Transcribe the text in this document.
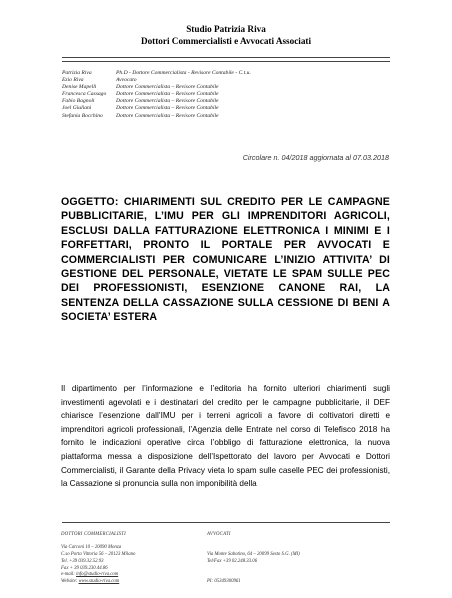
Studio Patrizia Riva
Dottori Commercialisti e Avvocati Associati
Patrizia Riva	Ph.D - Dottore Commercialista - Revisore Contabile - C.t.u.
Ezio Riva	Avvocato
Denise Mapelli	Dottore Commercialista – Revisore Contabile
Francesca Cassago	Dottore Commercialista – Revisore Contabile
Fabio Bagnoli	Dottore Commercialista – Revisore Contabile
Joel Giuliani	Dottore Commercialista – Revisore Contabile
Stefania Bocchino	Dottore Commercialista – Revisore Contabile
Circolare n. 04/2018 aggiornata al 07.03.2018
OGGETTO: CHIARIMENTI SUL CREDITO PER LE CAMPAGNE PUBBLICITARIE, L’IMU PER GLI IMPRENDITORI AGRICOLI, ESCLUSI DALLA FATTURAZIONE ELETTRONICA I MINIMI E I FORFETTARI, PRONTO IL PORTALE PER AVVOCATI E COMMERCIALISTI PER COMUNICARE L’INIZIO ATTIVITA’ DI GESTIONE DEL PERSONALE, VIETATE LE SPAM SULLE PEC DEI PROFESSIONISTI, ESENZIONE CANONE RAI, LA SENTENZA DELLA CASSAZIONE SULLA CESSIONE DI BENI A SOCIETA’ ESTERA
Il dipartimento per l’informazione e l’editoria ha fornito ulteriori chiarimenti sugli investimenti agevolati e i destinatari del credito per le campagne pubblicitarie, il DEF chiarisce l’esenzione dall’IMU per i terreni agricoli a favore di coltivatori diretti e imprenditori agricoli professionali, l’Agenzia delle Entrate nel corso di Telefisco 2018 ha fornito le indicazioni operative circa l’obbligo di fatturazione elettronica, la nuova piattaforma messa a disposizione dell’Ispettorato del lavoro per Avvocati e Dottori Commercialisti, il Garante della Privacy vieta lo spam sulle caselle PEC dei professionisti, la Cassazione si pronuncia sulla non imponibilità della
DOTTORI COMMERCIALISTI
Via Carconi 10 – 20090 Monza
C.so Porta Vittoria 56 – 20123 Milano
Tel. +39 039.32.52.93
Fax + 39 039.230.44.86
e-mail: info@studio-riva.com
Website: www.studio-riva.com
AVVOCATI
Via Monte Sabotino, 64 – 20099 Sesto S.G. (MI)
Tel/Fax +39 02.248.33.06
PI: 05349300961
